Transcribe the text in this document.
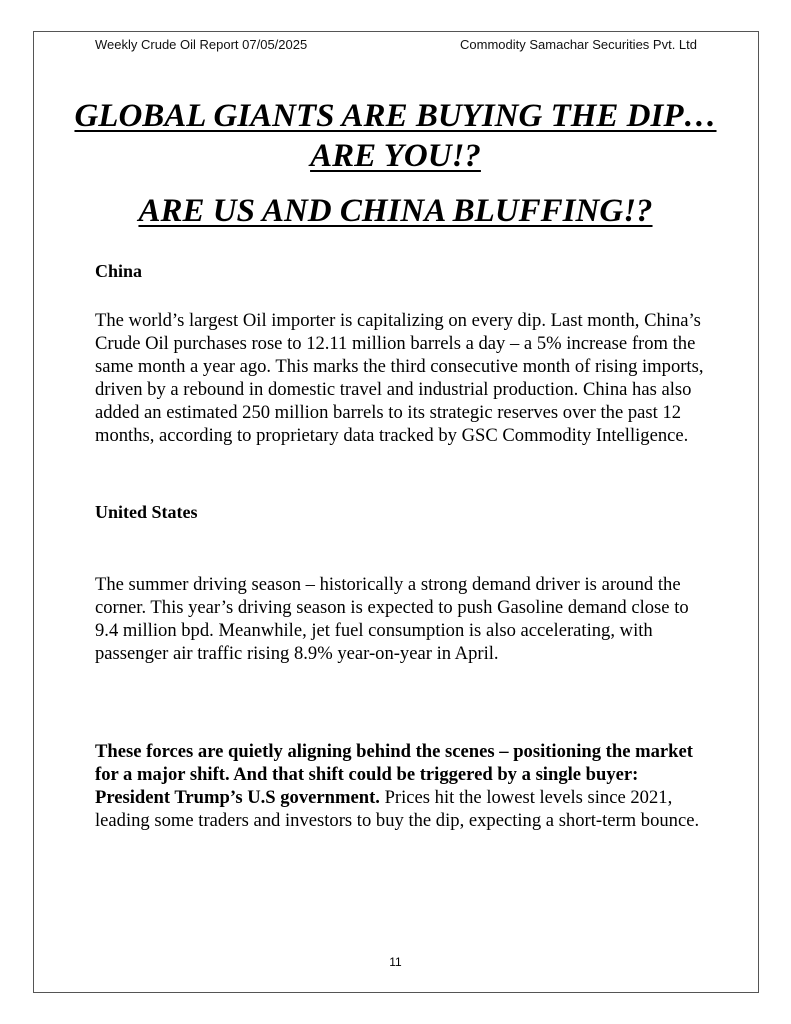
Weekly Crude Oil Report 07/05/2025	Commodity Samachar Securities Pvt. Ltd
GLOBAL GIANTS ARE BUYING THE DIP… ARE YOU!?
ARE US AND CHINA BLUFFING!?
China

The world’s largest Oil importer is capitalizing on every dip. Last month, China’s Crude Oil purchases rose to 12.11 million barrels a day – a 5% increase from the same month a year ago. This marks the third consecutive month of rising imports, driven by a rebound in domestic travel and industrial production. China has also added an estimated 250 million barrels to its strategic reserves over the past 12 months, according to proprietary data tracked by GSC Commodity Intelligence.

United States

The summer driving season – historically a strong demand driver is around the corner. This year’s driving season is expected to push Gasoline demand close to 9.4 million bpd. Meanwhile, jet fuel consumption is also accelerating, with passenger air traffic rising 8.9% year-on-year in April.

These forces are quietly aligning behind the scenes – positioning the market for a major shift. And that shift could be triggered by a single buyer: President Trump’s U.S government. Prices hit the lowest levels since 2021, leading some traders and investors to buy the dip, expecting a short-term bounce.

11
